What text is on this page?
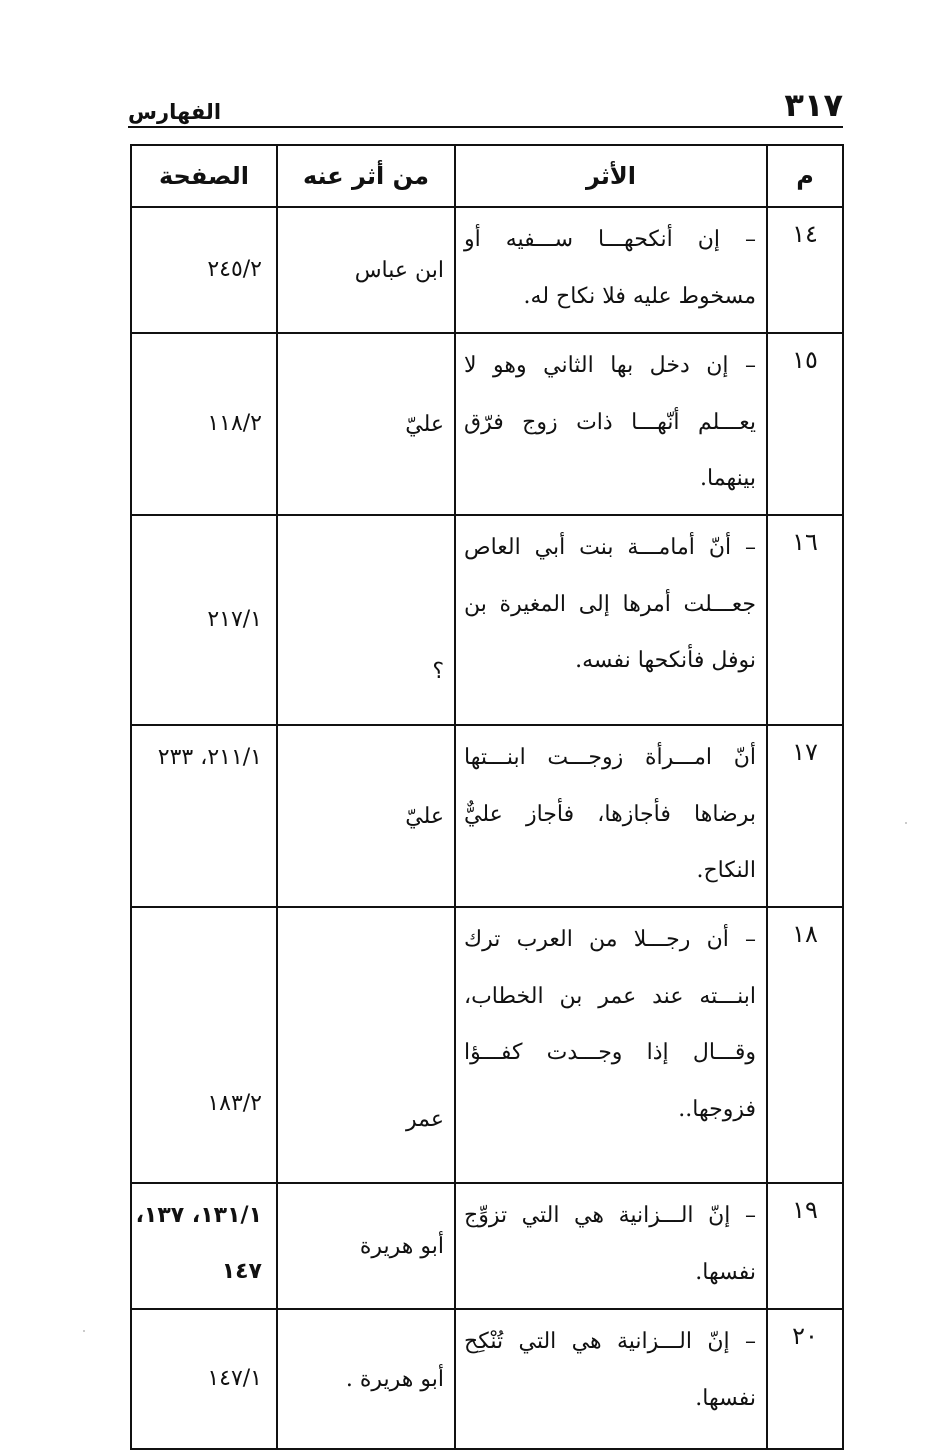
٣١٧
الفهارس
م	الأثر	من أثر عنه	الصفحة
١٤	– إن أنكحهـــا ســـفيه أو مسخوط عليه فلا نكاح له.	ابن عباس	٢٤٥/٢
١٥	– إن دخل بها الثاني وهو لا يعـــلم أنّهـــا ذات زوج فرّق بينهما.	عليّ	١١٨/٢
١٦	– أنّ أمامـــة بنت أبي العاص جعـــلت أمرها إلى المغيرة بن نوفل فأنكحها نفسه.	؟	٢١٧/١
١٧	أنّ امـــرأة زوجـــت ابنـــتها برضاها فأجازها، فأجاز عليٌّ النكاح.	عليّ	٢١١/١، ٢٣٣
١٨	– أن رجـــلا من العرب ترك ابنـــته عند عمر بن الخطاب، وقـــال إذا وجـــدت كفـــؤا فزوجها..	عمر	١٨٣/٢
١٩	– إنّ الـــزانية هي التي تزوِّج نفسها.	أبو هريرة	١٣١/١، ١٣٧، ١٤٧
٢٠	– إنّ الـــزانية هي التي تُنْكِح نفسها.	أبو هريرة .	١٤٧/١
